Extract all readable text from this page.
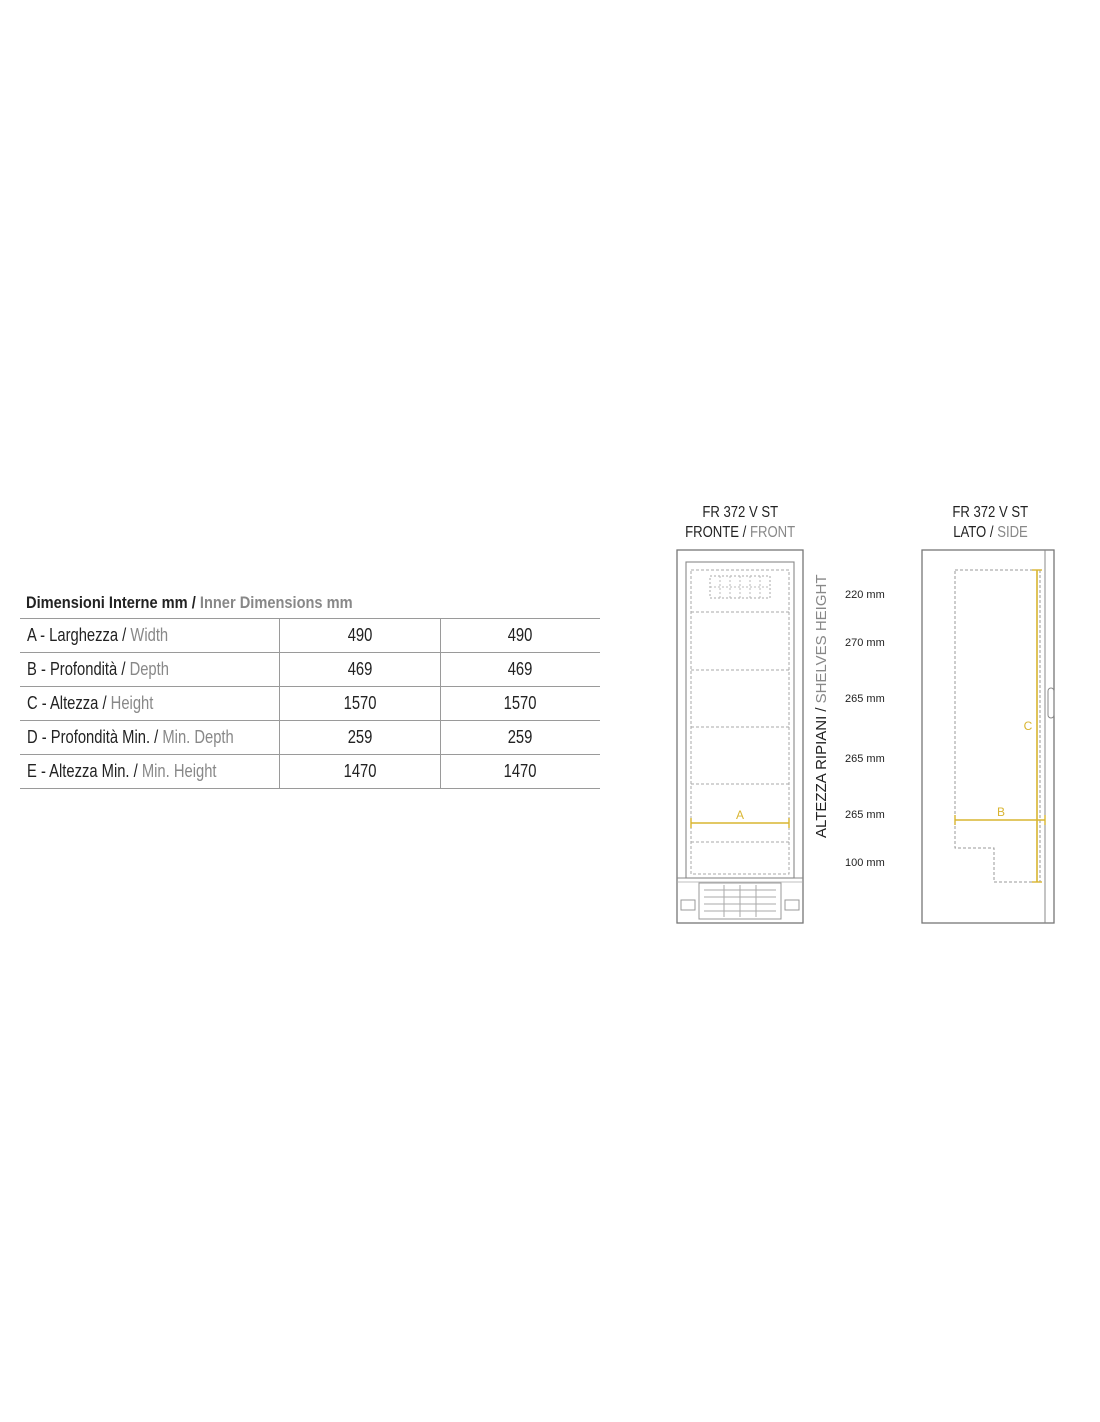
Dimensioni Interne mm / Inner Dimensions mm
A - Larghezza / Width	490	490
B - Profondità / Depth	469	469
C - Altezza / Height	1570	1570
D - Profondità Min. / Min. Depth	259	259
E - Altezza Min. / Min. Height	1470	1470
FR 372 V ST
FRONTE / FRONT
FR 372 V ST
LATO / SIDE
A	ALTEZZA RIPIANI /SHELVES HEIGHT 220 mm
270 mm
265 mm
265 mm
265 mm
100 mm
C
B
